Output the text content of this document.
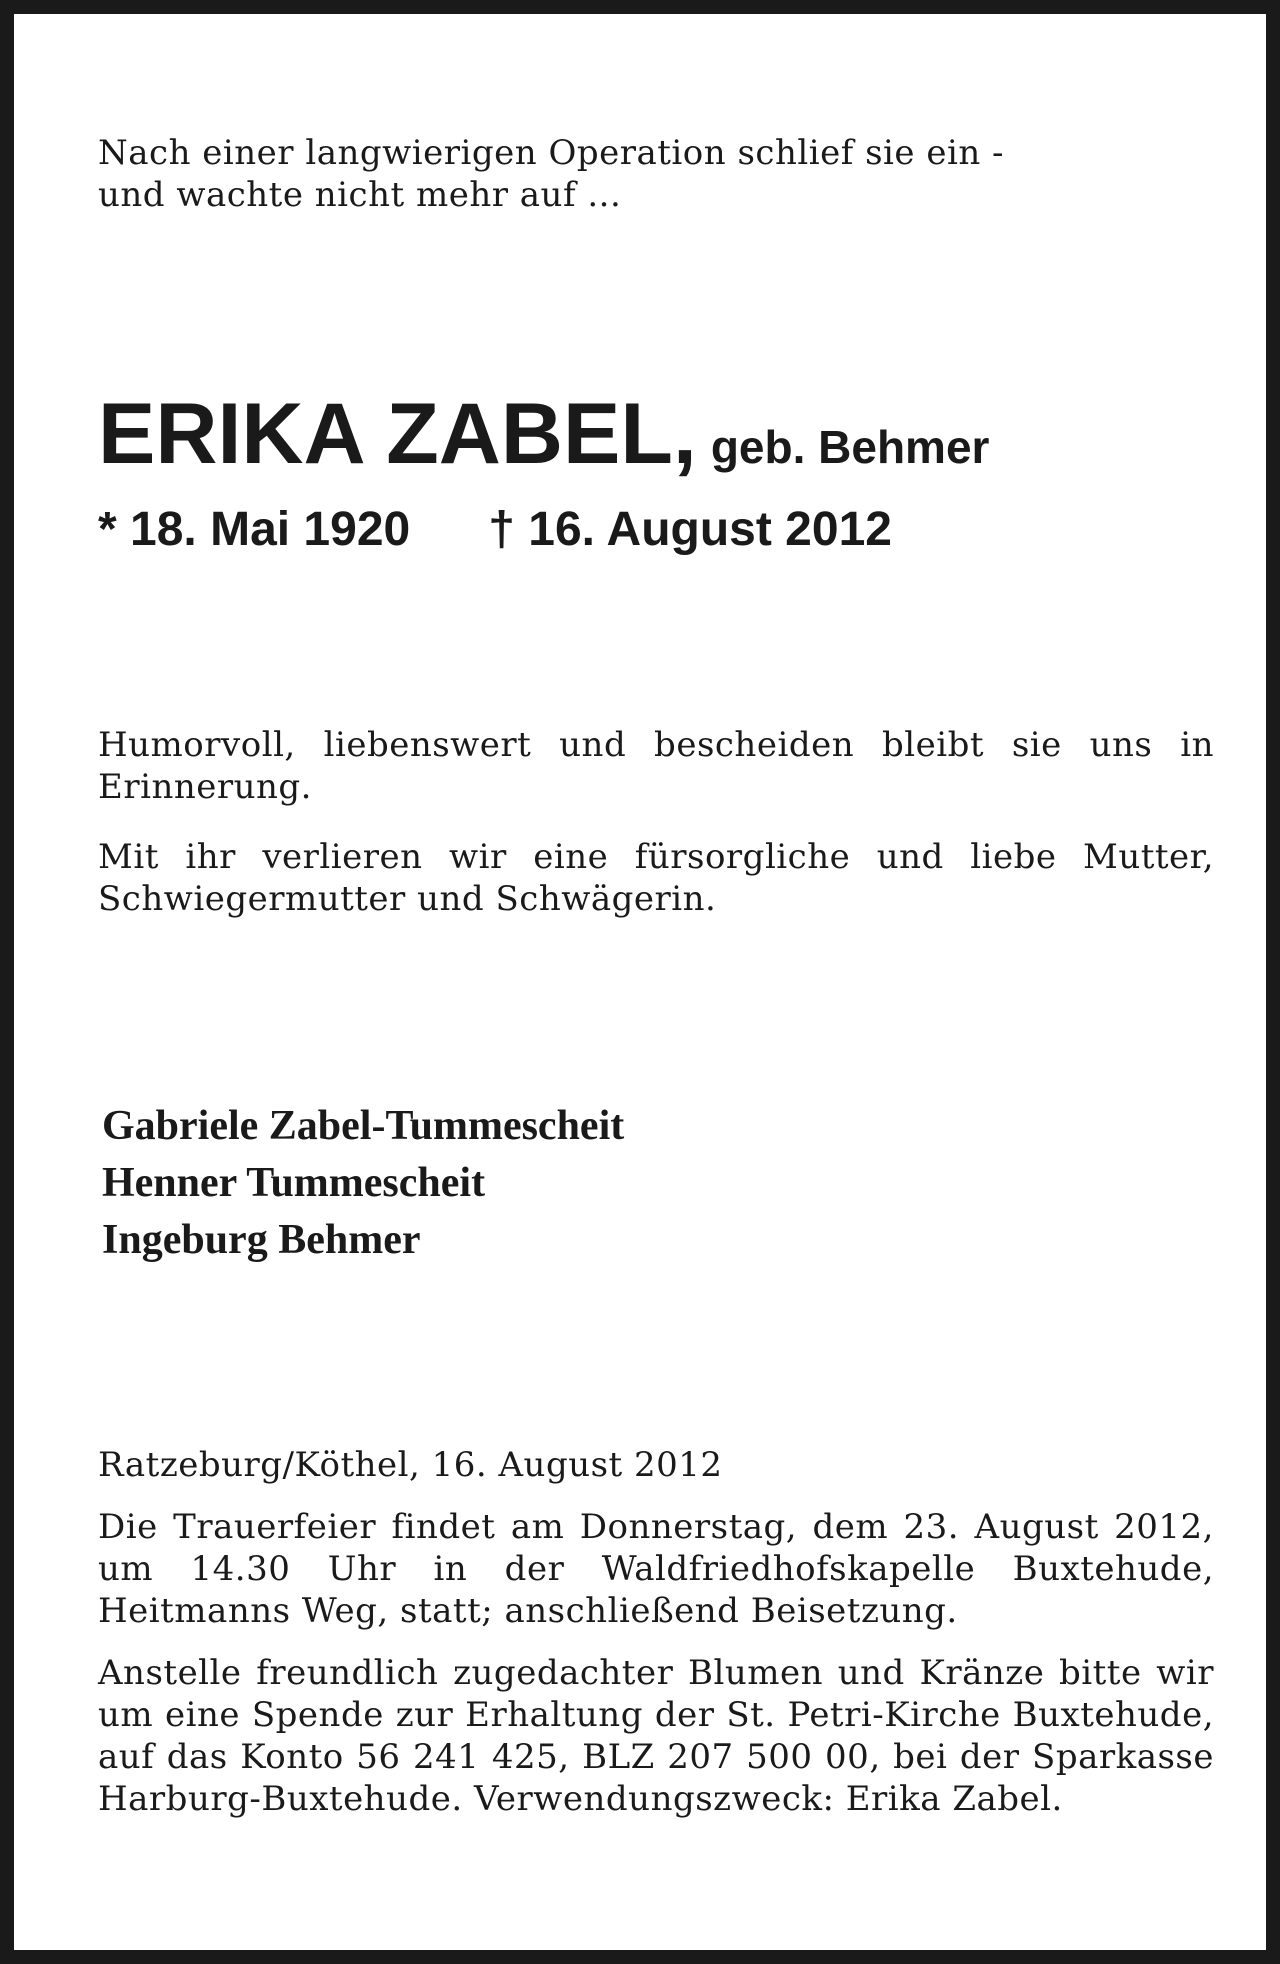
Nach einer langwierigen Operation schlief sie ein -
und wachte nicht mehr auf ...
ERIKA ZABEL, geb. Behmer
* 18. Mai 1920 † 16. August 2012

Humorvoll, liebenswert und bescheiden bleibt sie uns in Erinnerung.

Mit ihr verlieren wir eine fürsorgliche und liebe Mutter, Schwiegermutter und Schwägerin.

Gabriele Zabel-Tummescheit
Henner Tummescheit
Ingeburg Behmer

Ratzeburg/Köthel, 16. August 2012

Die Trauerfeier findet am Donnerstag, dem 23. August 2012, um 14.30 Uhr in der Waldfriedhofskapelle Buxtehude, Heitmanns Weg, statt; anschließend Beisetzung.

Anstelle freundlich zugedachter Blumen und Kränze bitte wir um eine Spende zur Erhaltung der St. Petri-Kirche Buxtehude, auf das Konto 56 241 425, BLZ 207 500 00, bei der Sparkasse Harburg-Buxtehude. Verwendungszweck: Erika Zabel.
